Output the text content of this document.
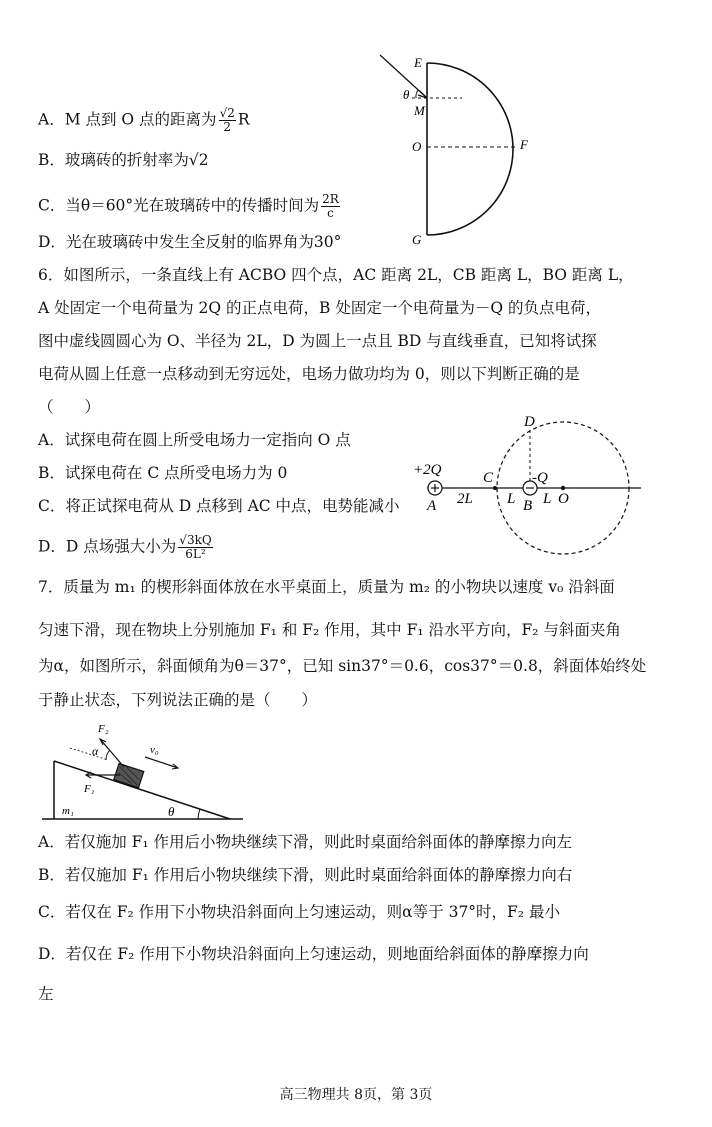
A．M 点到 O 点的距离为 $\frac{√2}{2}$ R
B．玻璃砖的折射率为√2
C．当θ＝60°光在玻璃砖中的传播时间为 $\frac{2R}{c}$
D．光在玻璃砖中发生全反射的临界角为30°
E
θ
M
O	F
G
6．如图所示，一条直线上有 ACBO 四个点，AC 距离 2L，CB 距离 L，BO 距离 L，
A 处固定一个电荷量为 2Q 的正点电荷，B 处固定一个电荷量为－Q 的负点电荷，
图中虚线圆圆心为 O、半径为 2L，D 为圆上一点且 BD 与直线垂直，已知将试探
电荷从圆上任意一点移动到无穷远处，电场力做功均为 0，则以下判断正确的是
（　　）
A．试探电荷在圆上所受电场力一定指向 O 点
B．试探电荷在 C 点所受电场力为 0
C．将正试探电荷从 D 点移到 AC 中点，电势能减小
D．D 点场强大小为 $\frac{√3kQ}{\text{6L²}}$
D
+2Q	C	-Q
A 2L L B L O
7．质量为 m₁ 的楔形斜面体放在水平桌面上，质量为 m₂ 的小物块以速度 v₀ 沿斜面
匀速下滑，现在物块上分别施加 F₁ 和 F₂ 作用，其中 F₁ 沿水平方向，F₂ 与斜面夹角
为α，如图所示，斜面倾角为θ＝37°，已知 sin37°＝0.6，cos37°＝0.8，斜面体始终处
于静止状态，下列说法正确的是（　　）
F₂
α	v₀
F₁
m₁	θ
A．若仅施加 F₁ 作用后小物块继续下滑，则此时桌面给斜面体的静摩擦力向左
B．若仅施加 F₁ 作用后小物块继续下滑，则此时桌面给斜面体的静摩擦力向右
C．若仅在 F₂ 作用下小物块沿斜面向上匀速运动，则α等于 37°时，F₂ 最小
D．若仅在 F₂ 作用下小物块沿斜面向上匀速运动，则地面给斜面体的静摩擦力向
左
高三物理共 8页，第 3页
